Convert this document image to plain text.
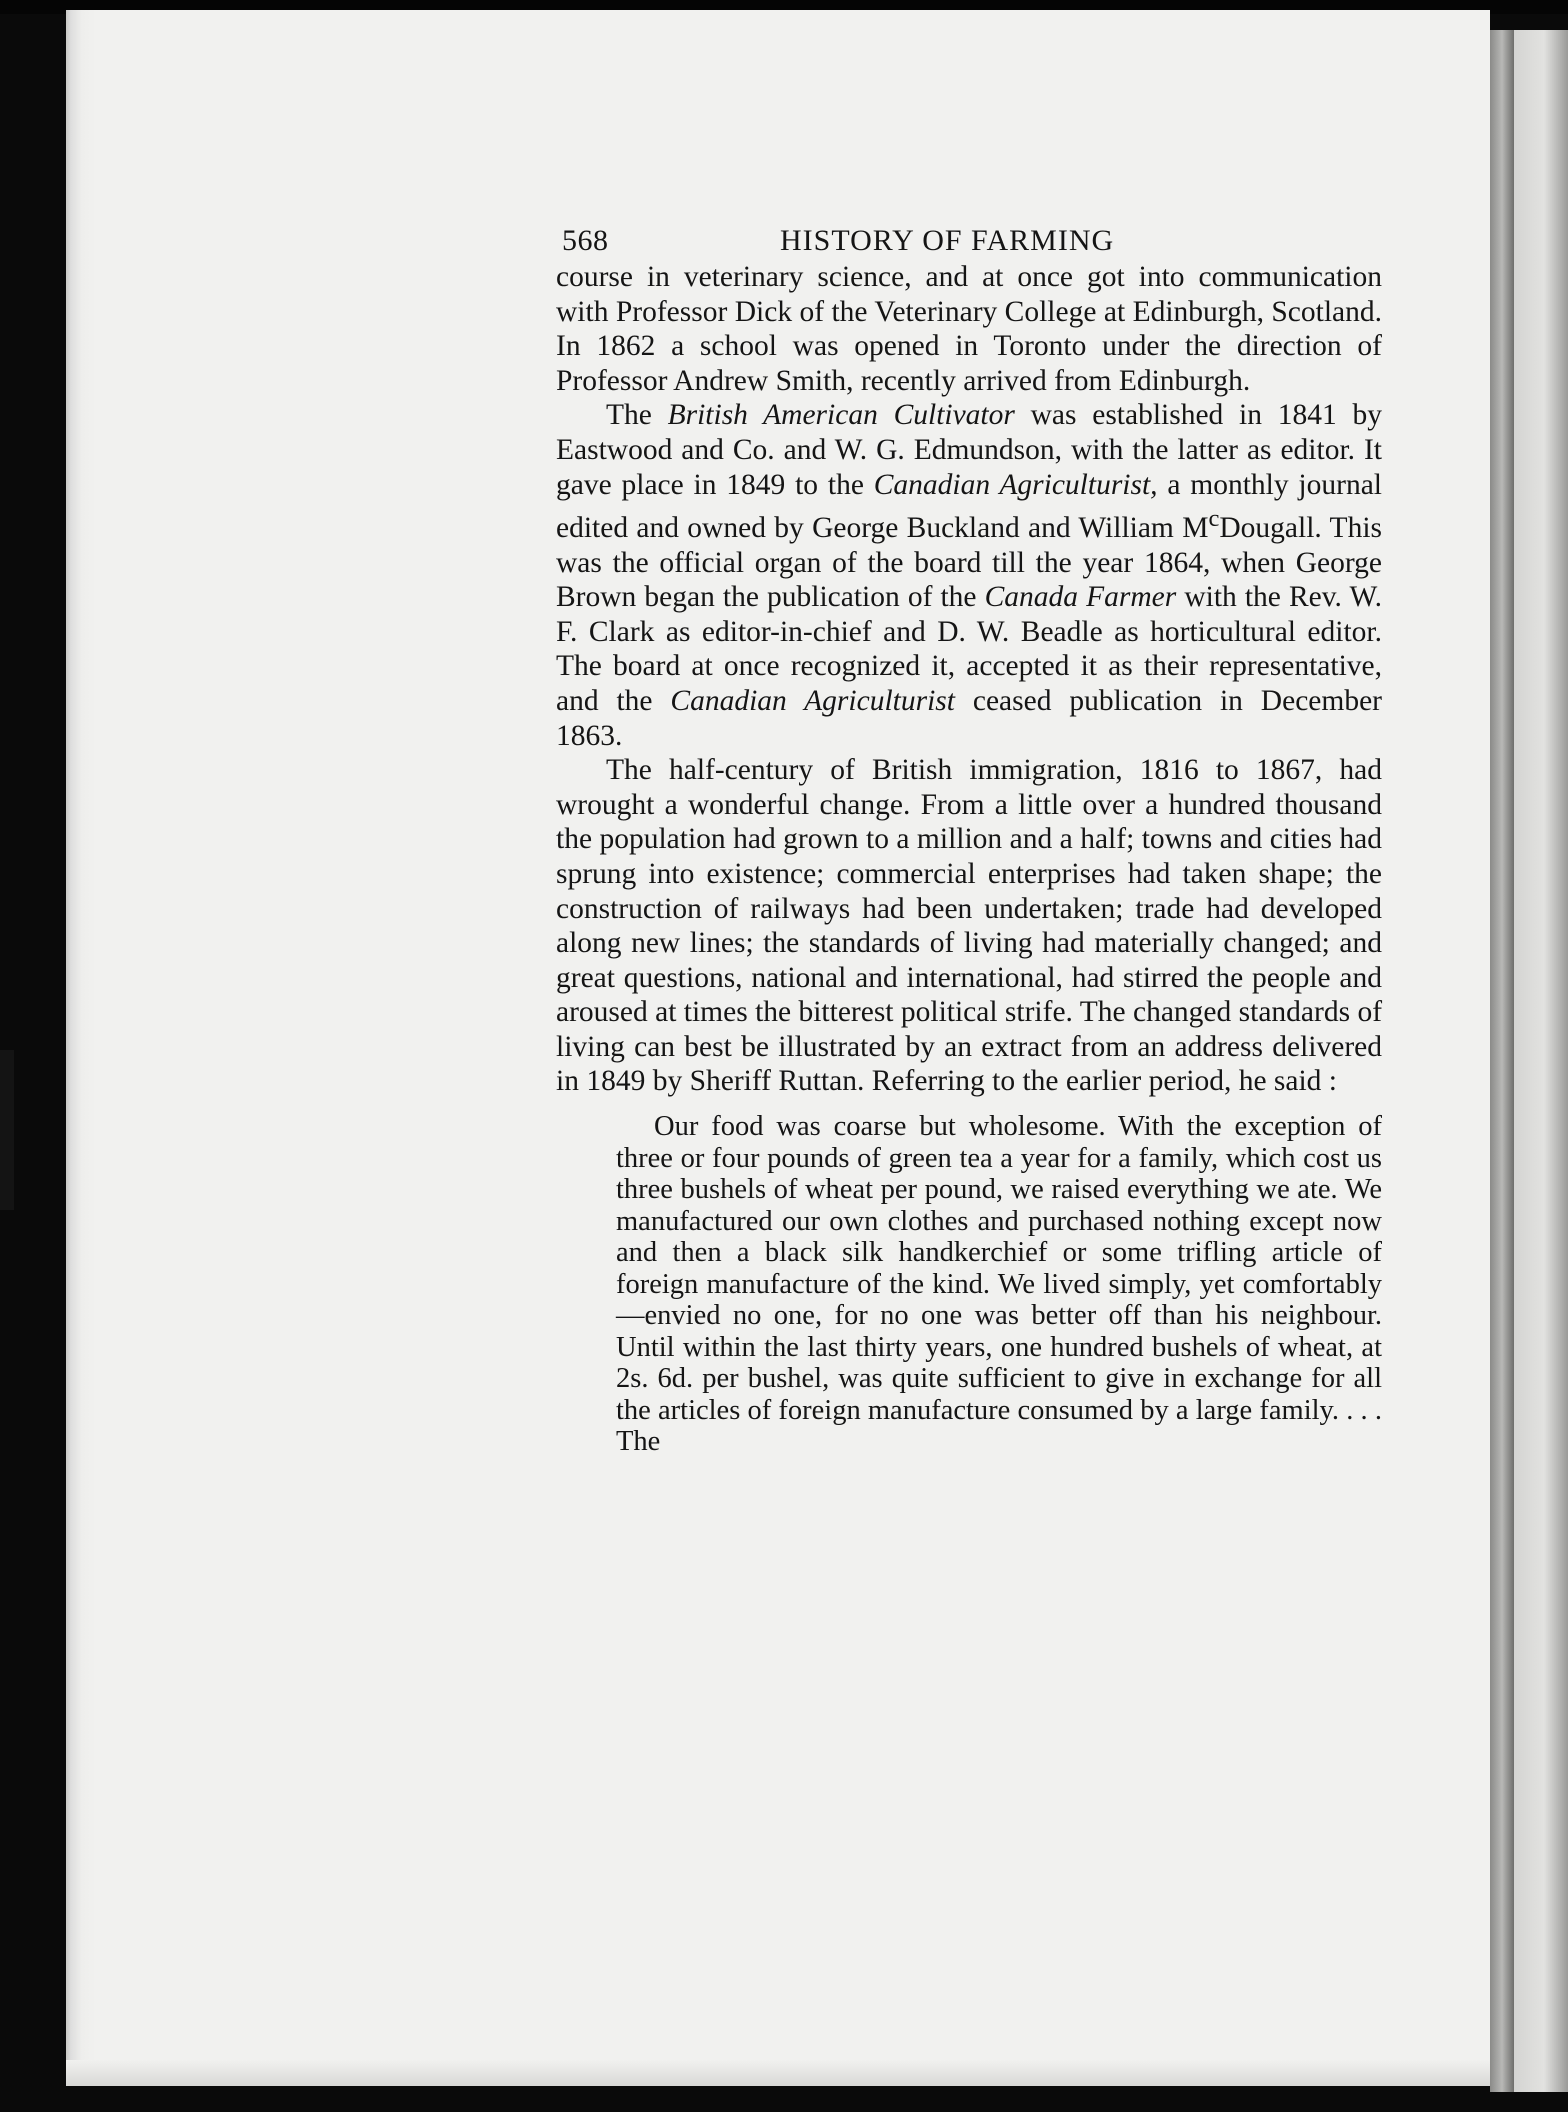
568	HISTORY OF FARMING

course in veterinary science, and at once got into communication with Professor Dick of the Veterinary College at Edinburgh, Scotland. In 1862 a school was opened in Toronto under the direction of Professor Andrew Smith, recently arrived from Edinburgh.

The British American Cultivator was established in 1841 by Eastwood and Co. and W. G. Edmundson, with the latter as editor. It gave place in 1849 to the Canadian Agriculturist, a monthly journal edited and owned by George Buckland and William $M^cDougall$. This was the official organ of the board till the year 1864, when George Brown began the publication of the Canada Farmer with the Rev. W. F. Clark as editor-in-chief and D. W. Beadle as horticultural editor. The board at once recognized it, accepted it as their representative, and the Canadian Agriculturist ceased publication in December 1863.

The half-century of British immigration, 1816 to 1867, had wrought a wonderful change. From a little over a hundred thousand the population had grown to a million and a half; towns and cities had sprung into existence; commercial enterprises had taken shape; the construction of railways had been undertaken; trade had developed along new lines; the standards of living had materially changed; and great questions, national and international, had stirred the people and aroused at times the bitterest political strife. The changed standards of living can best be illustrated by an extract from an address delivered in 1849 by Sheriff Ruttan. Referring to the earlier period, he said :

Our food was coarse but wholesome. With the exception of three or four pounds of green tea a year for a family, which cost us three bushels of wheat per pound, we raised everything we ate. We manufactured our own clothes and purchased nothing except now and then a black silk handkerchief or some trifling article of foreign manufacture of the kind. We lived simply, yet comfortably—envied no one, for no one was better off than his neighbour. Until within the last thirty years, one hundred bushels of wheat, at 2s. 6d. per bushel, was quite sufficient to give in exchange for all the articles of foreign manufacture consumed by a large family. . . . The
